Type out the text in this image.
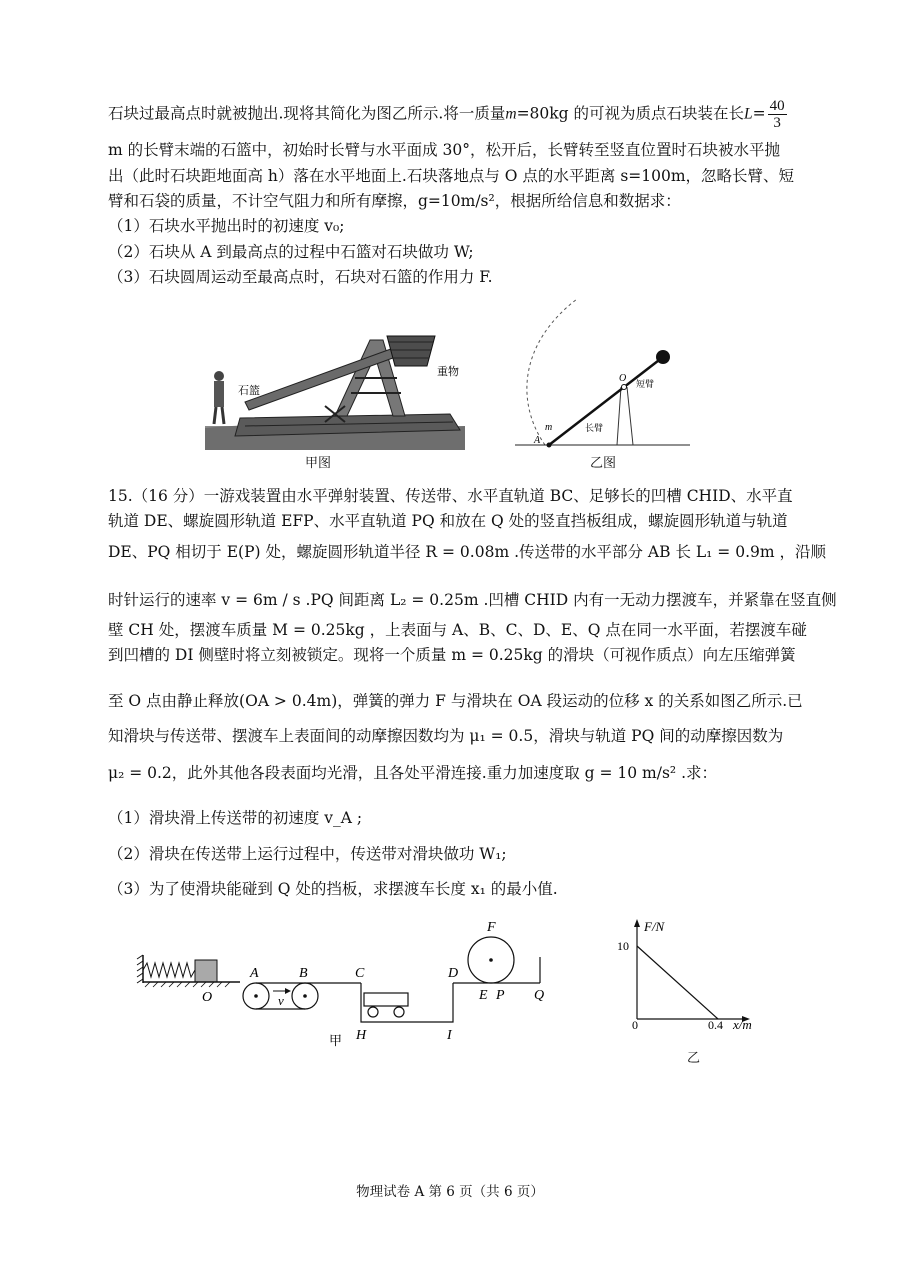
石块过最高点时就被抛出.现将其简化为图乙所示.将一质量m=80kg 的可视为质点石块装在长$L= \frac{40}{3}$
m 的长臂末端的石篮中，初始时长臂与水平面成 30°，松开后，长臂转至竖直位置时石块被水平抛
出（此时石块距地面高 h）落在水平地面上.石块落地点与 O 点的水平距离 s=100m，忽略长臂、短
臂和石袋的质量，不计空气阻力和所有摩擦，g=10m/s²，根据所给信息和数据求：
（1）石块水平抛出时的初速度 v₀;
（2）石块从 A 到最高点的过程中石篮对石块做功 W;
（3）石块圆周运动至最高点时，石块对石篮的作用力 F.
石篮
重物
甲图
O 短臂
长臂
m
A
乙图
15.（16 分）一游戏装置由水平弹射装置、传送带、水平直轨道 BC、足够长的凹槽 CHID、水平直
轨道 DE、螺旋圆形轨道 EFP、水平直轨道 PQ 和放在 Q 处的竖直挡板组成，螺旋圆形轨道与轨道
DE、PQ 相切于 E(P) 处，螺旋圆形轨道半径 R = 0.08m .传送带的水平部分 AB 长 L₁ = 0.9m ，沿顺
时针运行的速率 v = 6m / s .PQ 间距离 L₂ = 0.25m .凹槽 CHID 内有一无动力摆渡车，并紧靠在竖直侧
壁 CH 处，摆渡车质量 M = 0.25kg ，上表面与 A、B、C、D、E、Q 点在同一水平面，若摆渡车碰
到凹槽的 DI 侧壁时将立刻被锁定。现将一个质量 m = 0.25kg 的滑块（可视作质点）向左压缩弹簧
至 O 点由静止释放(OA > 0.4m)，弹簧的弹力 F 与滑块在 OA 段运动的位移 x 的关系如图乙所示.已
知滑块与传送带、摆渡车上表面间的动摩擦因数均为 μ₁ = 0.5，滑块与轨道 PQ 间的动摩擦因数为
μ₂ = 0.2，此外其他各段表面均光滑，且各处平滑连接.重力加速度取 g = 10 m/s² .求：
（1）滑块滑上传送带的初速度 v_A ;
（2）滑块在传送带上运行过程中，传送带对滑块做功 W₁;
（3）为了使滑块能碰到 Q 处的挡板，求摆渡车长度 x₁ 的最小值.
O
A	B
v
C
H	I
D
E P Q
F
甲
F/N
x/m
0
10
0.4
乙
物理试卷 A 第 6 页（共 6 页）
